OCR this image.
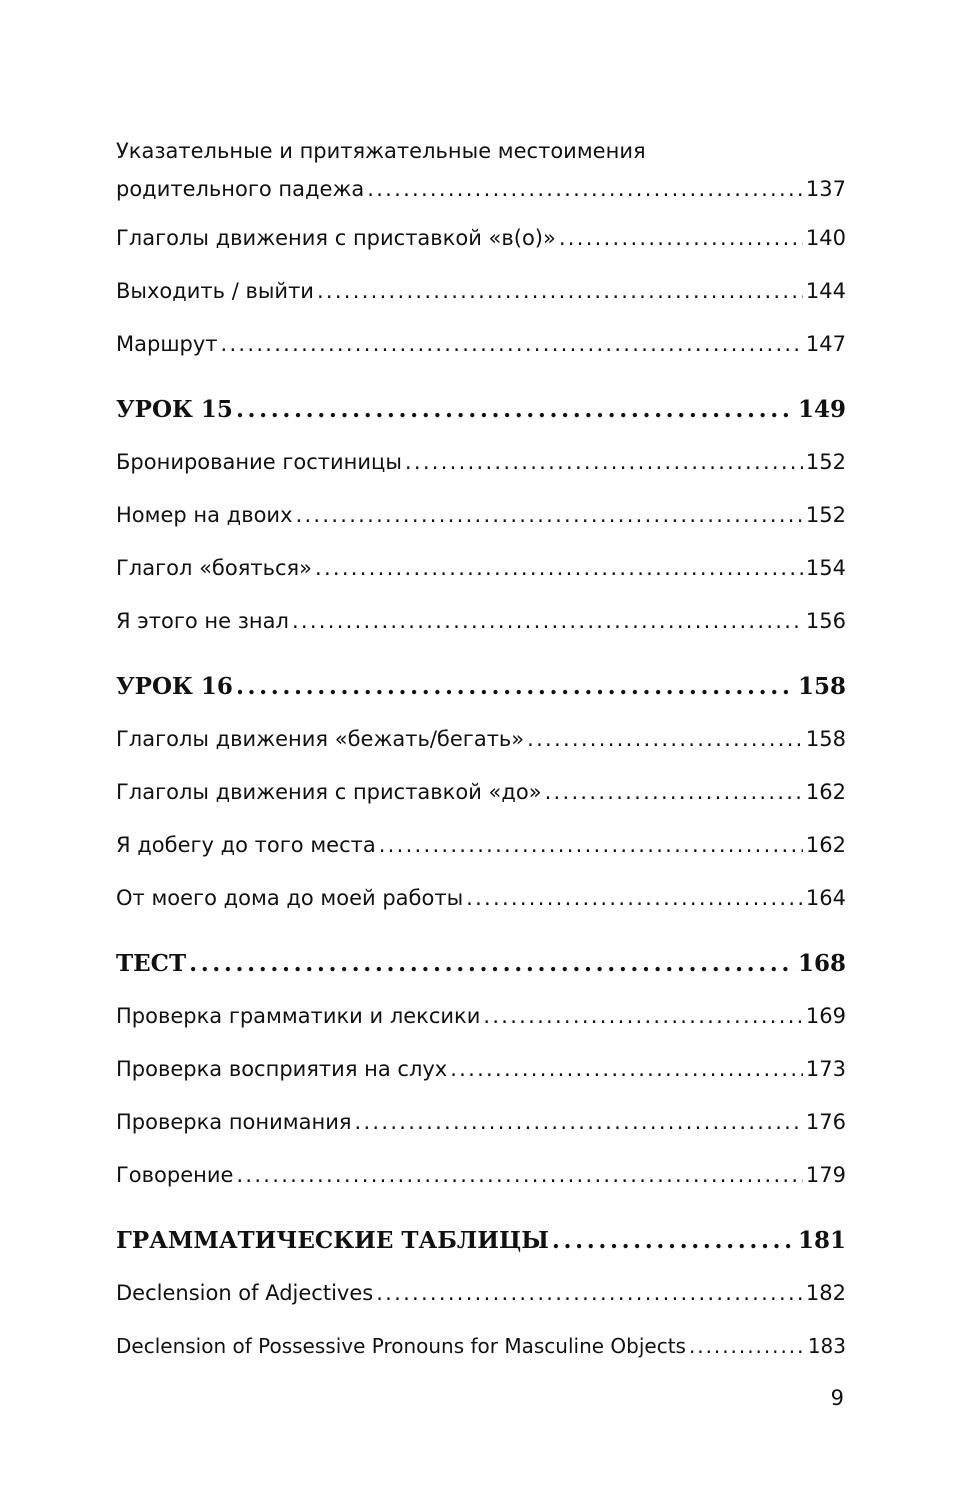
Указательные и притяжательные местоимения
родительного падежа . . .	137
Глаголы движения с приставкой «в(о)» . . .	140
Выходить / выйти . . .	144
Маршрут . . .	147
УРОК 15 . . .	149
Бронирование гостиницы . . .	152
Номер на двоих . . .	152
Глагол «бояться» . . .	154
Я этого не знал . . .	156
УРОК 16 . . .	158
Глаголы движения «бежать/бегать» . . .	158
Глаголы движения с приставкой «до» . . .	162
Я добегу до того места . . .	162
От моего дома до моей работы . . .	164
ТЕСТ . . .	168
Проверка грамматики и лексики . . .	169
Проверка восприятия на слух . . .	173
Проверка понимания . . .	176
Говорение . . .	179
ГРАММАТИЧЕСКИЕ ТАБЛИЦЫ . . .	181
Declension of Adjectives . . .	182
Declension of Possessive Pronouns for Masculine Objects . . .	183
9
